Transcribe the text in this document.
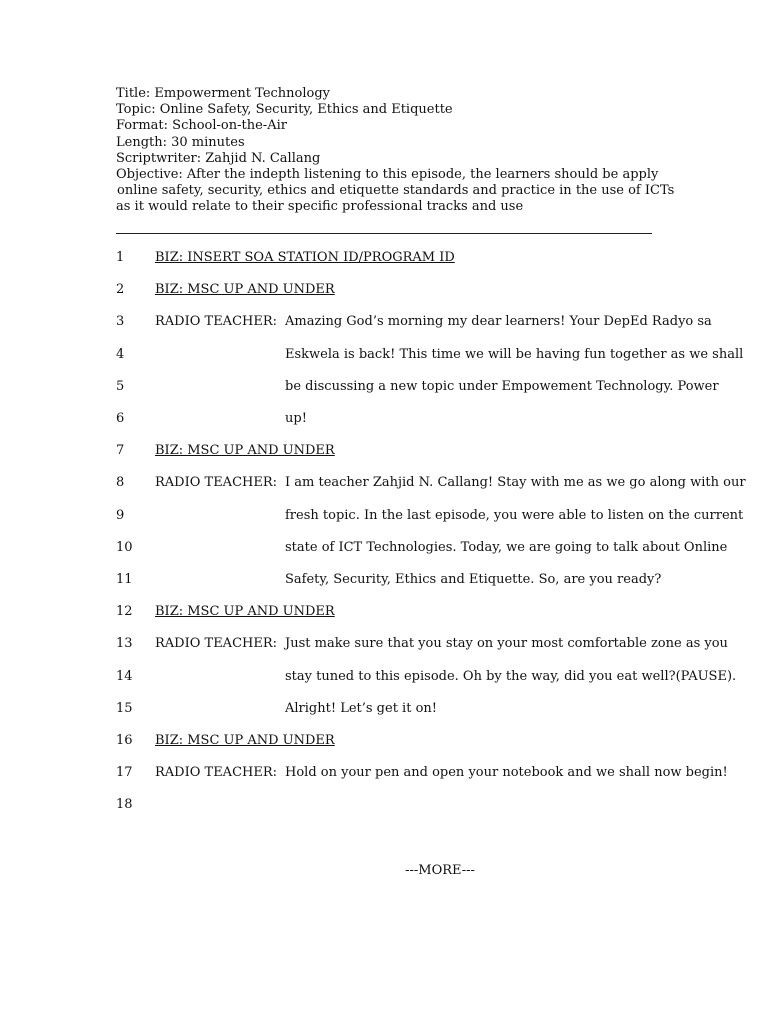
Title: Empowerment Technology

Topic: Online Safety, Security, Ethics and Etiquette

Format: School-on-the-Air

Length: 30 minutes

Scriptwriter: Zahjid N. Callang

Objective: After the indepth listening to this episode, the learners should be apply
online safety, security, ethics and etiquette standards and practice in the use of ICTs
as it would relate to their specific professional tracks and use
1 BIZ: INSERT SOA STATION ID/PROGRAM ID
2 BIZ: MSC UP AND UNDER
3 RADIO TEACHER: Amazing God’s morning my dear learners! Your DepEd Radyo sa
4	Eskwela is back! This time we will be having fun together as we shall
5	be discussing a new topic under Empowement Technology. Power
6	up!
7 BIZ: MSC UP AND UNDER
8 RADIO TEACHER: I am teacher Zahjid N. Callang! Stay with me as we go along with our
9	fresh topic. In the last episode, you were able to listen on the current
10	state of ICT Technologies. Today, we are going to talk about Online
11	Safety, Security, Ethics and Etiquette. So, are you ready?
12 BIZ: MSC UP AND UNDER
13 RADIO TEACHER: Just make sure that you stay on your most comfortable zone as you
14	stay tuned to this episode. Oh by the way, did you eat well?(PAUSE).
15	Alright! Let’s get it on!
16 BIZ: MSC UP AND UNDER
17 RADIO TEACHER: Hold on your pen and open your notebook and we shall now begin!
18
---MORE---
